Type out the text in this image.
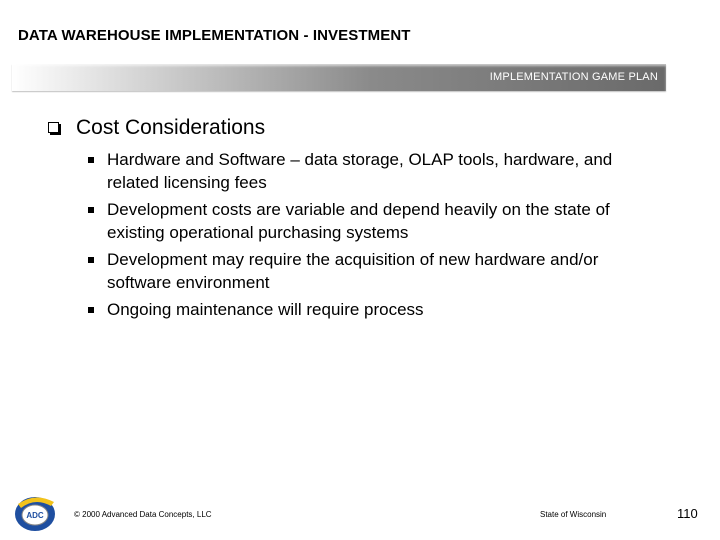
DATA WAREHOUSE IMPLEMENTATION - INVESTMENT
IMPLEMENTATION GAME PLAN
Cost Considerations
Hardware and Software – data storage, OLAP tools, hardware, and related licensing fees
Development costs are variable and depend heavily on the state of existing operational purchasing systems
Development may require the acquisition of new hardware and/or software environment
Ongoing maintenance will require process
ADC	© 2000 Advanced Data Concepts, LLC	State of Wisconsin	110
